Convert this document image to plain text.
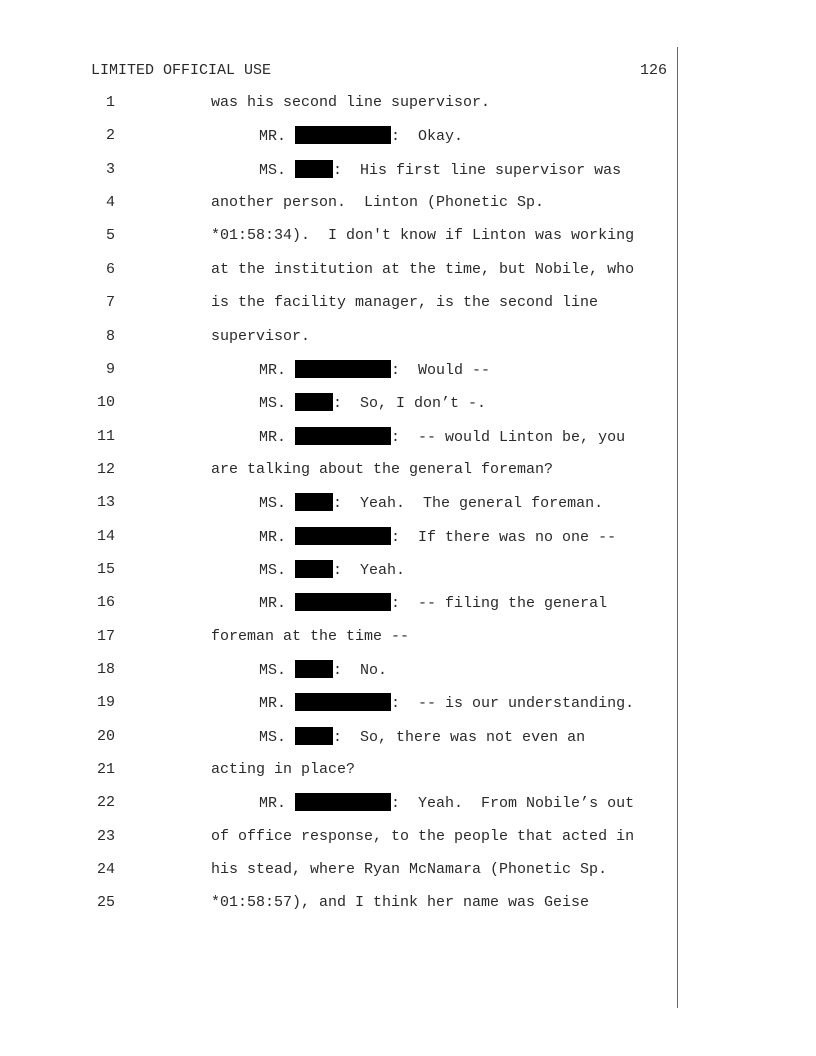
LIMITED OFFICIAL USE	126
1	was his second line supervisor.
2	MR.	:  Okay.
3	MS.	:  His first line supervisor was
4	another person.  Linton (Phonetic Sp.
5	*01:58:34).  I don't know if Linton was working
6	at the institution at the time, but Nobile, who
7	is the facility manager, is the second line
8	supervisor.
9	MR.	:  Would --
10	MS.	:  So, I don’t -.
11	MR.	:  -- would Linton be, you
12	are talking about the general foreman?
13	MS.	:  Yeah.  The general foreman.
14	MR.	:  If there was no one --
15	MS.	:  Yeah.
16	MR.	:  -- filing the general
17	foreman at the time --
18	MS.	:  No.
19	MR.	:  -- is our understanding.
20	MS.	:  So, there was not even an
21	acting in place?
22	MR.	:  Yeah.  From Nobile’s out
23	of office response, to the people that acted in
24	his stead, where Ryan McNamara (Phonetic Sp.
25	*01:58:57), and I think her name was Geise
